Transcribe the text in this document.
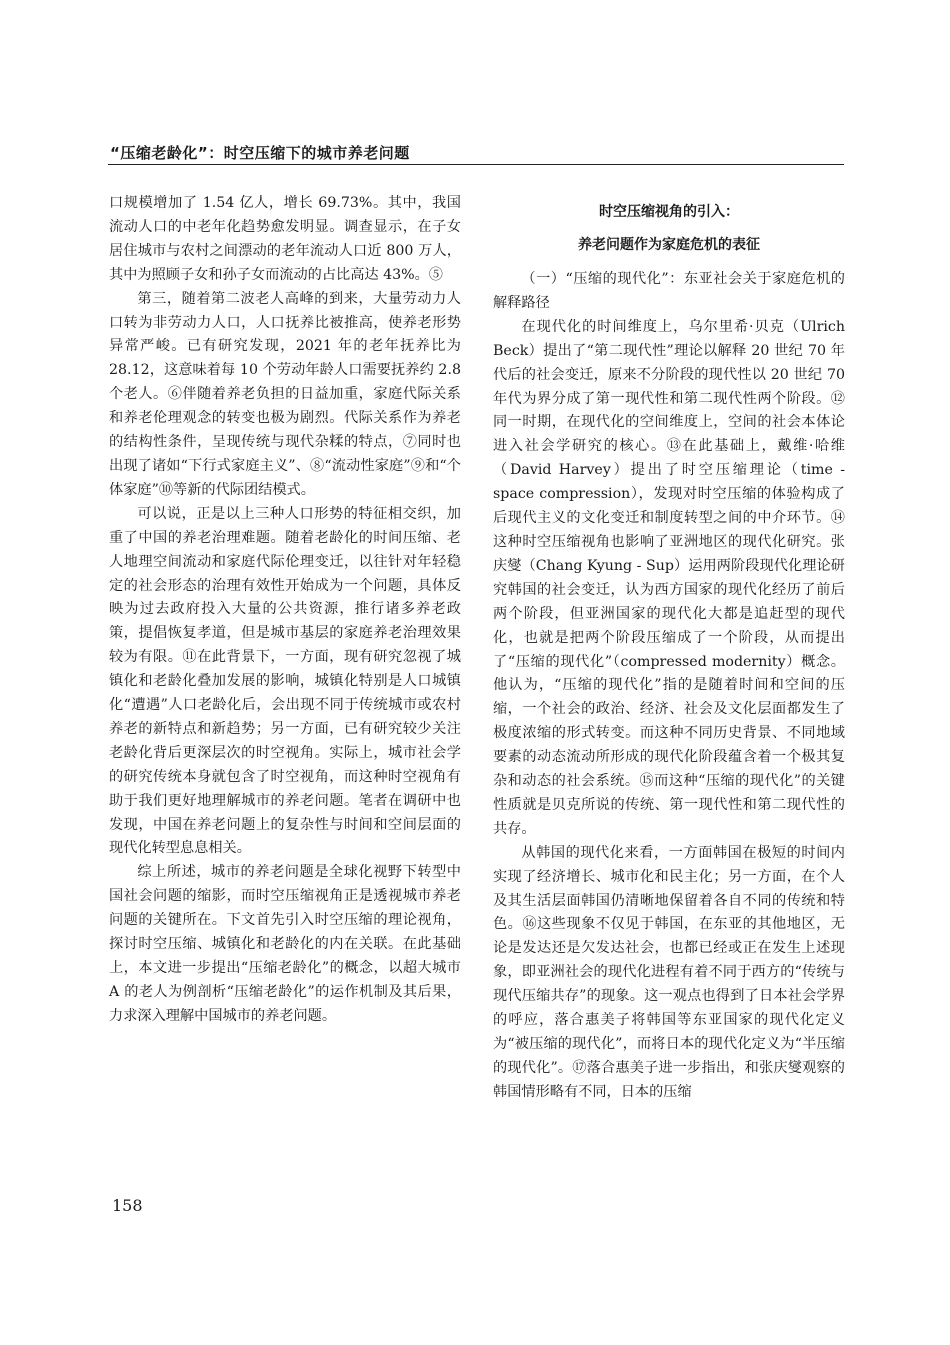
“压缩老龄化”：时空压缩下的城市养老问题

口规模增加了 1.54 亿人，增长 69.73%。其中，我国流动人口的中老年化趋势愈发明显。调查显示，在子女居住城市与农村之间漂动的老年流动人口近 800 万人，其中为照顾子女和孙子女而流动的占比高达 43%。⑤

第三，随着第二波老人高峰的到来，大量劳动力人口转为非劳动力人口，人口抚养比被推高，使养老形势异常严峻。已有研究发现，2021 年的老年抚养比为 28.12，这意味着每 10 个劳动年龄人口需要抚养约 2.8 个老人。⑥伴随着养老负担的日益加重，家庭代际关系和养老伦理观念的转变也极为剧烈。代际关系作为养老的结构性条件，呈现传统与现代杂糅的特点，⑦同时也出现了诸如“下行式家庭主义”、⑧“流动性家庭”⑨和“个体家庭”⑩等新的代际团结模式。

可以说，正是以上三种人口形势的特征相交织，加重了中国的养老治理难题。随着老龄化的时间压缩、老人地理空间流动和家庭代际伦理变迁，以往针对年轻稳定的社会形态的治理有效性开始成为一个问题，具体反映为过去政府投入大量的公共资源，推行诸多养老政策，提倡恢复孝道，但是城市基层的家庭养老治理效果较为有限。⑪在此背景下，一方面，现有研究忽视了城镇化和老龄化叠加发展的影响，城镇化特别是人口城镇化“遭遇”人口老龄化后，会出现不同于传统城市或农村养老的新特点和新趋势；另一方面，已有研究较少关注老龄化背后更深层次的时空视角。实际上，城市社会学的研究传统本身就包含了时空视角，而这种时空视角有助于我们更好地理解城市的养老问题。笔者在调研中也发现，中国在养老问题上的复杂性与时间和空间层面的现代化转型息息相关。

综上所述，城市的养老问题是全球化视野下转型中国社会问题的缩影，而时空压缩视角正是透视城市养老问题的关键所在。下文首先引入时空压缩的理论视角，探讨时空压缩、城镇化和老龄化的内在关联。在此基础上，本文进一步提出“压缩老龄化”的概念，以超大城市 A 的老人为例剖析“压缩老龄化”的运作机制及其后果，力求深入理解中国城市的养老问题。

时空压缩视角的引入：

养老问题作为家庭危机的表征

（一）“压缩的现代化”：东亚社会关于家庭危机的解释路径

在现代化的时间维度上，乌尔里希·贝克（Ulrich Beck）提出了“第二现代性”理论以解释 20 世纪 70 年代后的社会变迁，原来不分阶段的现代性以 20 世纪 70 年代为界分成了第一现代性和第二现代性两个阶段。⑫同一时期，在现代化的空间维度上，空间的社会本体论进入社会学研究的核心。⑬在此基础上，戴维·哈维（David Harvey）提出了时空压缩理论（time - space compression），发现对时空压缩的体验构成了后现代主义的文化变迁和制度转型之间的中介环节。⑭这种时空压缩视角也影响了亚洲地区的现代化研究。张庆燮（Chang Kyung - Sup）运用两阶段现代化理论研究韩国的社会变迁，认为西方国家的现代化经历了前后两个阶段，但亚洲国家的现代化大都是追赶型的现代化，也就是把两个阶段压缩成了一个阶段，从而提出了“压缩的现代化”（compressed modernity）概念。他认为，“压缩的现代化”指的是随着时间和空间的压缩，一个社会的政治、经济、社会及文化层面都发生了极度浓缩的形式转变。而这种不同历史背景、不同地域要素的动态流动所形成的现代化阶段蕴含着一个极其复杂和动态的社会系统。⑮而这种“压缩的现代化”的关键性质就是贝克所说的传统、第一现代性和第二现代性的共存。

从韩国的现代化来看，一方面韩国在极短的时间内实现了经济增长、城市化和民主化；另一方面，在个人及其生活层面韩国仍清晰地保留着各自不同的传统和特色。⑯这些现象不仅见于韩国，在东亚的其他地区，无论是发达还是欠发达社会，也都已经或正在发生上述现象，即亚洲社会的现代化进程有着不同于西方的“传统与现代压缩共存”的现象。这一观点也得到了日本社会学界的呼应，落合惠美子将韩国等东亚国家的现代化定义为“被压缩的现代化”，而将日本的现代化定义为“半压缩的现代化”。⑰落合惠美子进一步指出，和张庆燮观察的韩国情形略有不同，日本的压缩

158
